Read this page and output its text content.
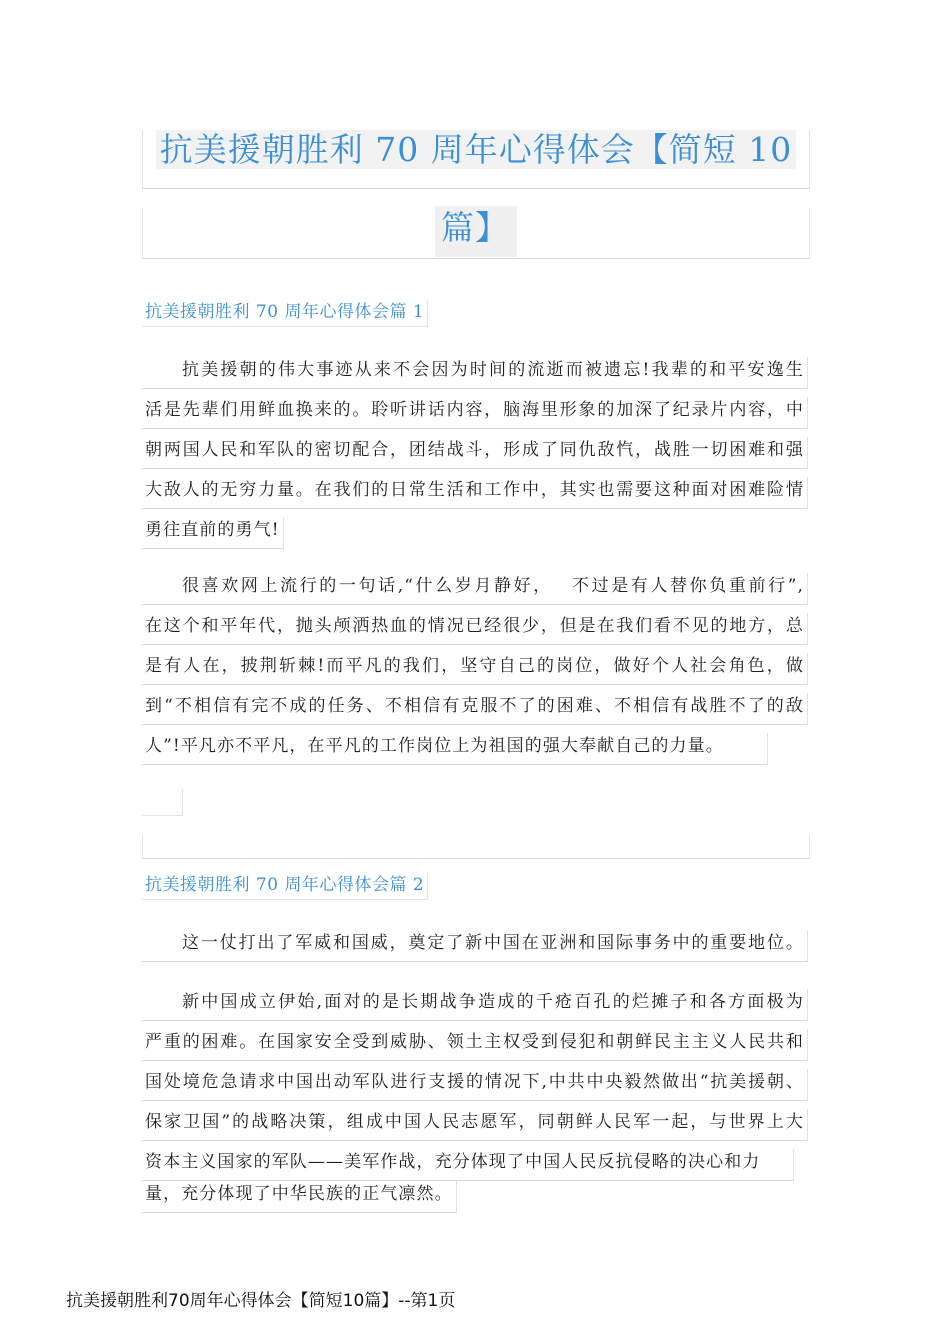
抗美援朝胜利 70 周年心得体会【简短 10
篇】
抗美援朝胜利 70 周年心得体会篇 1
抗美援朝的伟大事迹从来不会因为时间的流逝而被遗忘!我辈的和平安逸生
活是先辈们用鲜血换来的。聆听讲话内容，脑海里形象的加深了纪录片内容，中
朝两国人民和军队的密切配合，团结战斗，形成了同仇敌忾，战胜一切困难和强
大敌人的无穷力量。在我们的日常生活和工作中，其实也需要这种面对困难险情
勇往直前的勇气!
很喜欢网上流行的一句话,“什么岁月静好，　 不过是有人替你负重前行”,
在这个和平年代，抛头颅洒热血的情况已经很少，但是在我们看不见的地方，总
是有人在，披荆斩棘!而平凡的我们，坚守自己的岗位，做好个人社会角色，做
到“不相信有完不成的任务、不相信有克服不了的困难、不相信有战胜不了的敌
人”!平凡亦不平凡，在平凡的工作岗位上为祖国的强大奉献自己的力量。
抗美援朝胜利 70 周年心得体会篇 2
这一仗打出了军威和国威，奠定了新中国在亚洲和国际事务中的重要地位。
新中国成立伊始,面对的是长期战争造成的千疮百孔的烂摊子和各方面极为
严重的困难。在国家安全受到威胁、领土主权受到侵犯和朝鲜民主主义人民共和
国处境危急请求中国出动军队进行支援的情况下,中共中央毅然做出“抗美援朝、
保家卫国”的战略决策，组成中国人民志愿军，同朝鲜人民军一起，与世界上大
资本主义国家的军队——美军作战，充分体现了中国人民反抗侵略的决心和力
量，充分体现了中华民族的正气凛然。
抗美援朝胜利70周年心得体会【简短10篇】--第1页
